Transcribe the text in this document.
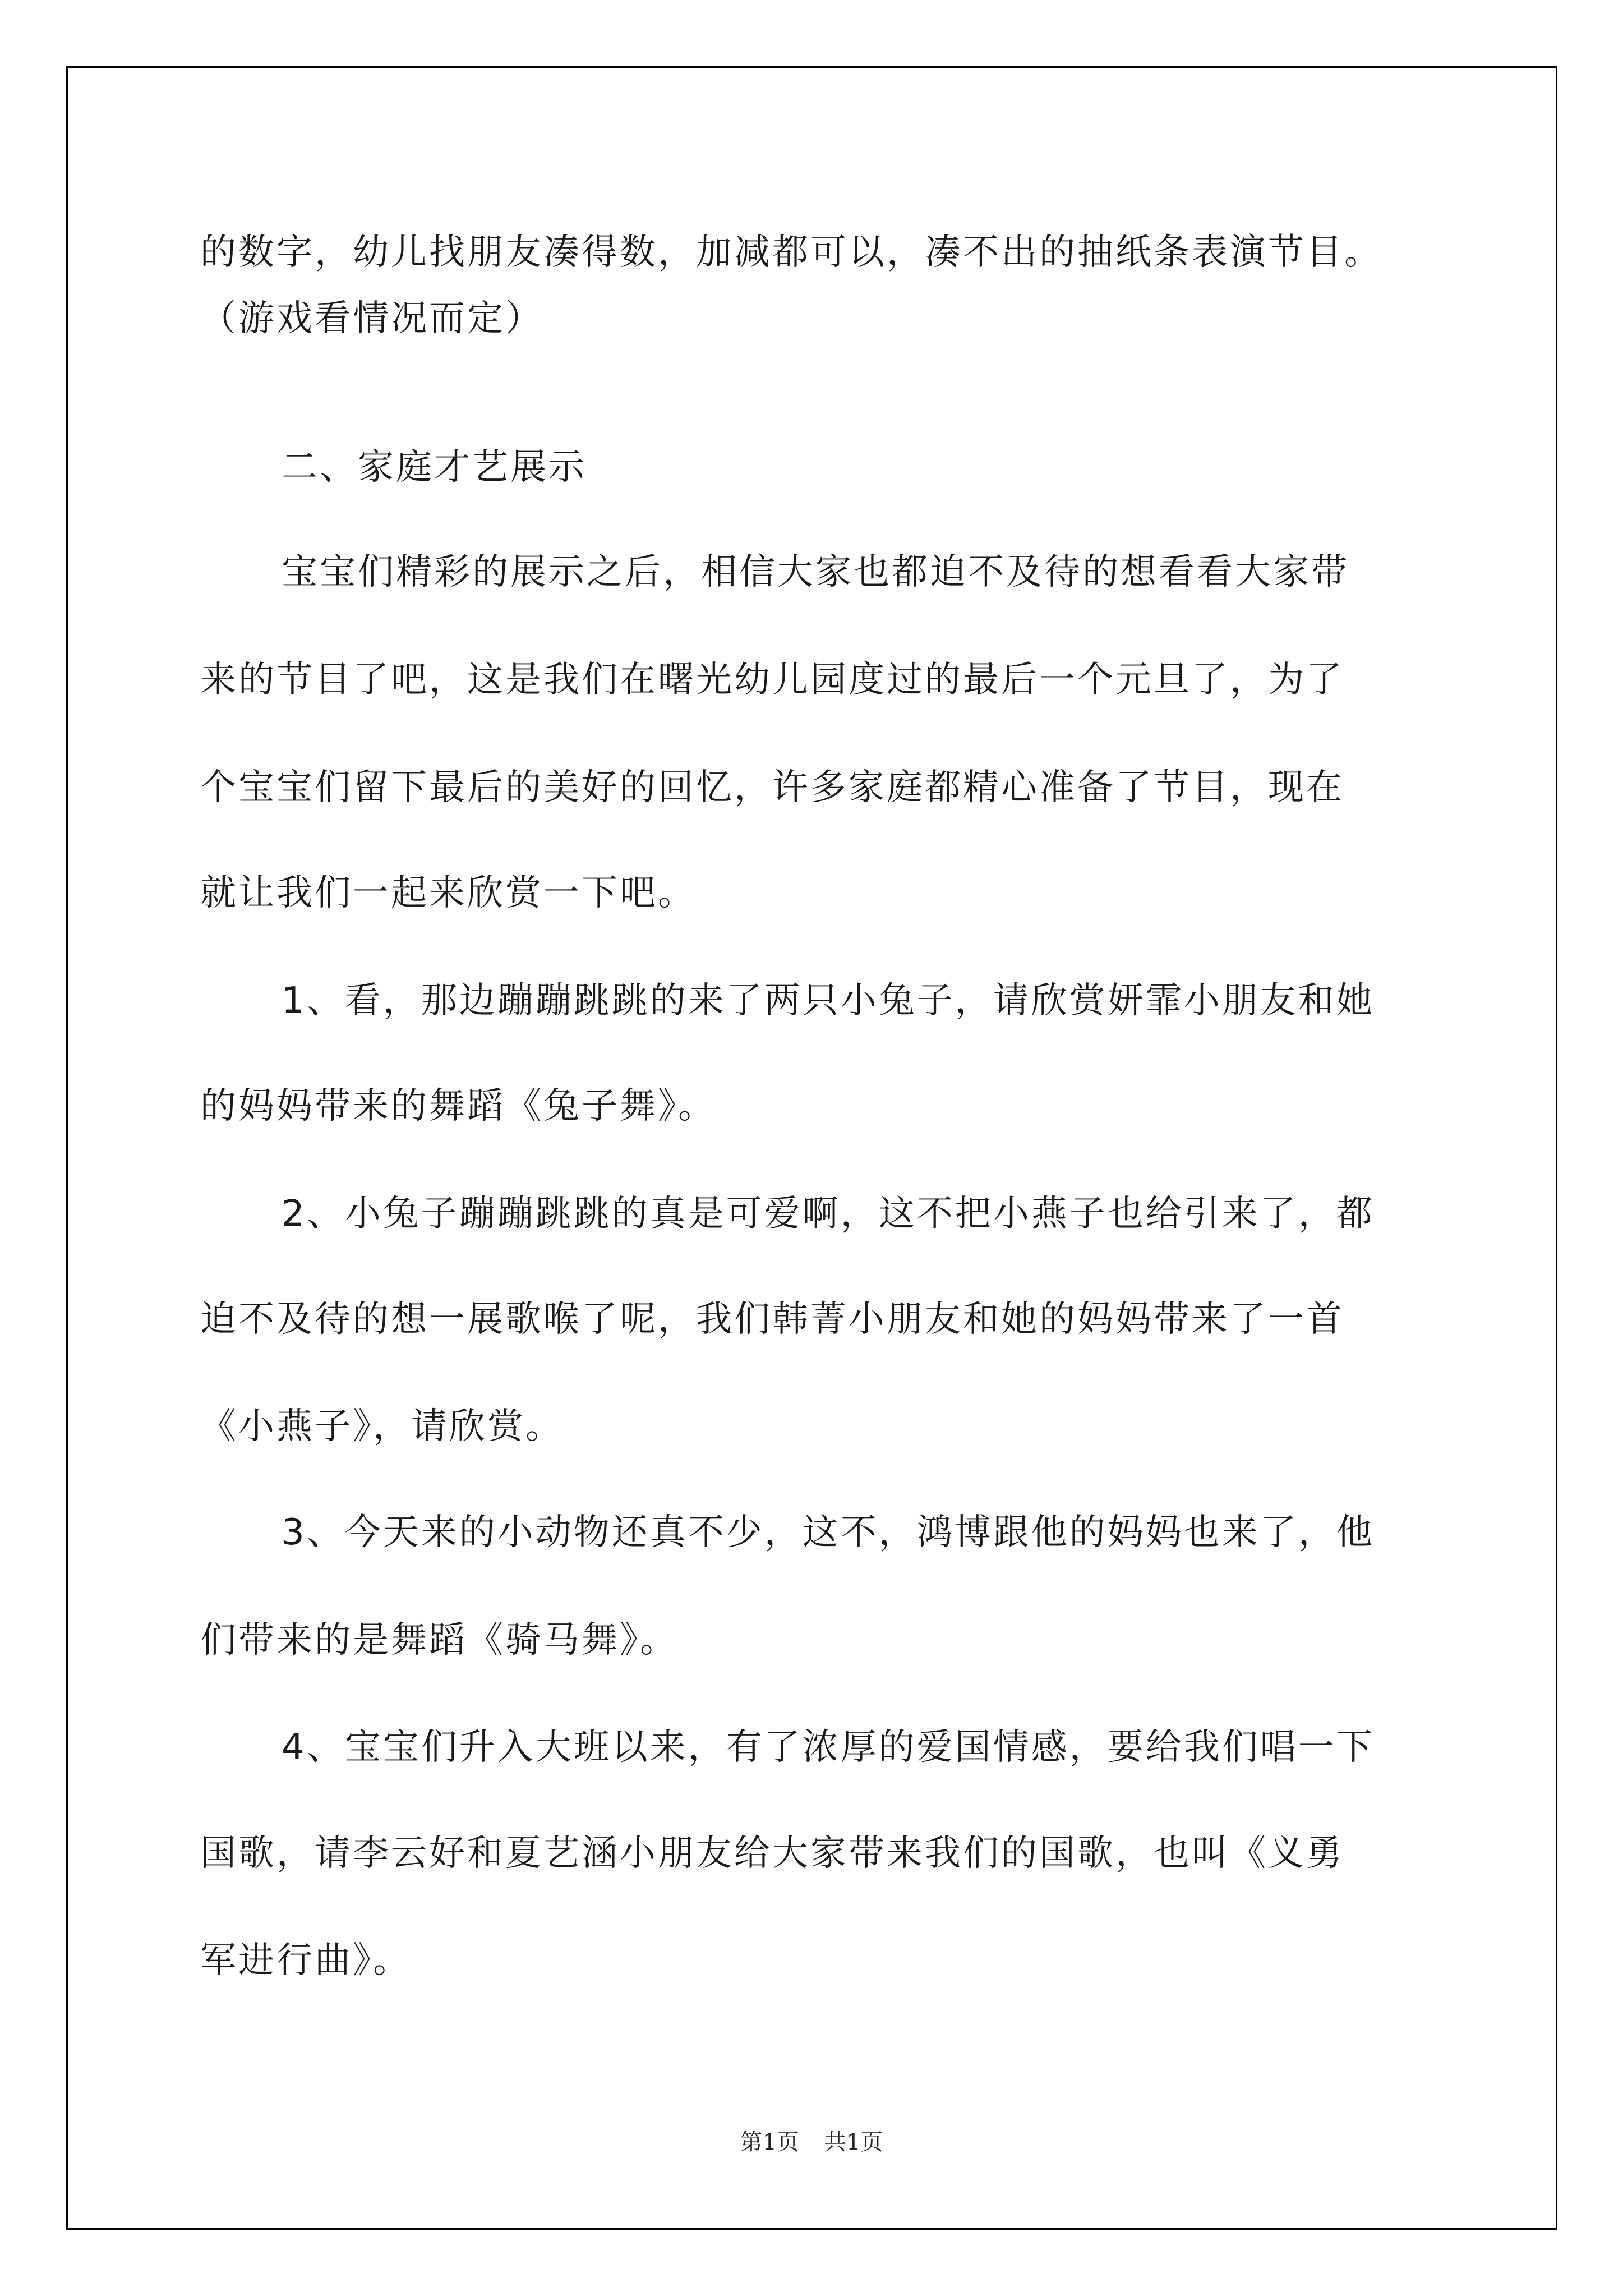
的数字，幼儿找朋友凑得数，加减都可以，凑不出的抽纸条表演节目。
（游戏看情况而定）
二、家庭才艺展示
宝宝们精彩的展示之后，相信大家也都迫不及待的想看看大家带
来的节目了吧，这是我们在曙光幼儿园度过的最后一个元旦了，为了
个宝宝们留下最后的美好的回忆，许多家庭都精心准备了节目，现在
就让我们一起来欣赏一下吧。
1、看，那边蹦蹦跳跳的来了两只小兔子，请欣赏妍霏小朋友和她
的妈妈带来的舞蹈《兔子舞》。
2、小兔子蹦蹦跳跳的真是可爱啊，这不把小燕子也给引来了，都
迫不及待的想一展歌喉了呢，我们韩菁小朋友和她的妈妈带来了一首
《小燕子》，请欣赏。
3、今天来的小动物还真不少，这不，鸿博跟他的妈妈也来了，他
们带来的是舞蹈《骑马舞》。
4、宝宝们升入大班以来，有了浓厚的爱国情感，要给我们唱一下
国歌，请李云好和夏艺涵小朋友给大家带来我们的国歌，也叫《义勇
军进行曲》。
第1页 共1页
